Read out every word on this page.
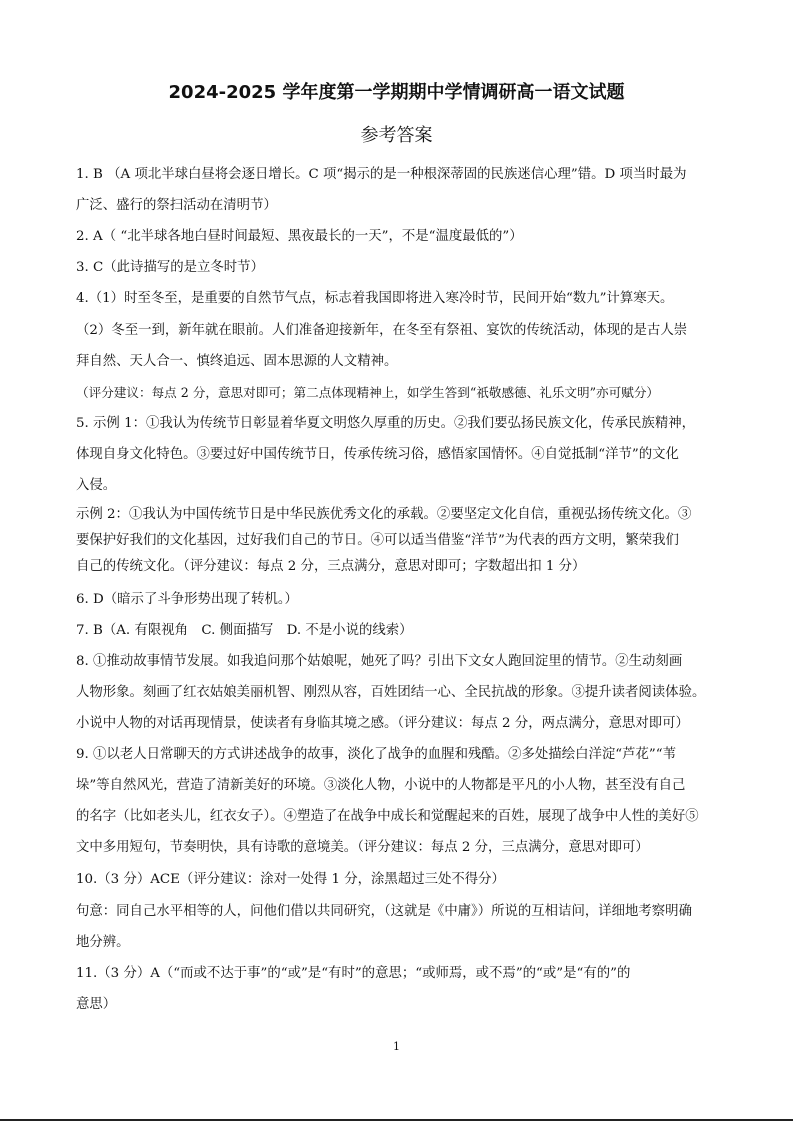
2024-2025 学年度第一学期期中学情调研高一语文试题
参考答案
1. B （A 项北半球白昼将会逐日增长。C 项“揭示的是一种根深蒂固的民族迷信心理”错。D 项当时最为
广泛、盛行的祭扫活动在清明节）
2. A（ “北半球各地白昼时间最短、黑夜最长的一天”，不是“温度最低的”）
3. C（此诗描写的是立冬时节）
4.（1）时至冬至，是重要的自然节气点，标志着我国即将进入寒冷时节，民间开始“数九”计算寒天。
（2）冬至一到，新年就在眼前。人们准备迎接新年，在冬至有祭祖、宴饮的传统活动，体现的是古人崇
拜自然、天人合一、慎终追远、固本思源的人文精神。
（评分建议：每点 2 分，意思对即可；第二点体现精神上，如学生答到“祇敬感德、礼乐文明”亦可赋分）
5. 示例 1：①我认为传统节日彰显着华夏文明悠久厚重的历史。②我们要弘扬民族文化，传承民族精神，
体现自身文化特色。③要过好中国传统节日，传承传统习俗，感悟家国情怀。④自觉抵制“洋节”的文化
入侵。
示例 2：①我认为中国传统节日是中华民族优秀文化的承载。②要坚定文化自信，重视弘扬传统文化。③
要保护好我们的文化基因，过好我们自己的节日。④可以适当借鉴“洋节”为代表的西方文明，繁荣我们
自己的传统文化。（评分建议：每点 2 分，三点满分，意思对即可；字数超出扣 1 分）
6. D（暗示了斗争形势出现了转机。）
7. B（A. 有限视角　C. 侧面描写　D. 不是小说的线索）
8. ①推动故事情节发展。如我追问那个姑娘呢，她死了吗？引出下文女人跑回淀里的情节。②生动刻画
人物形象。刻画了红衣姑娘美丽机智、刚烈从容，百姓团结一心、全民抗战的形象。③提升读者阅读体验。
小说中人物的对话再现情景，使读者有身临其境之感。（评分建议：每点 2 分，两点满分，意思对即可）
9. ①以老人日常聊天的方式讲述战争的故事，淡化了战争的血腥和残酷。②多处描绘白洋淀“芦花”“苇
垛”等自然风光，营造了清新美好的环境。③淡化人物，小说中的人物都是平凡的小人物，甚至没有自己
的名字（比如老头儿，红衣女子）。④塑造了在战争中成长和觉醒起来的百姓，展现了战争中人性的美好⑤
文中多用短句，节奏明快，具有诗歌的意境美。（评分建议：每点 2 分，三点满分，意思对即可）
10.（3 分）ACE（评分建议：涂对一处得 1 分，涂黑超过三处不得分）
句意：同自己水平相等的人，问他们借以共同研究，（这就是《中庸》）所说的互相诘问，详细地考察明确
地分辨。
11.（3 分）A（“而或不达于事”的“或”是“有时”的意思；“或师焉，或不焉”的“或”是“有的”的
意思）
1
